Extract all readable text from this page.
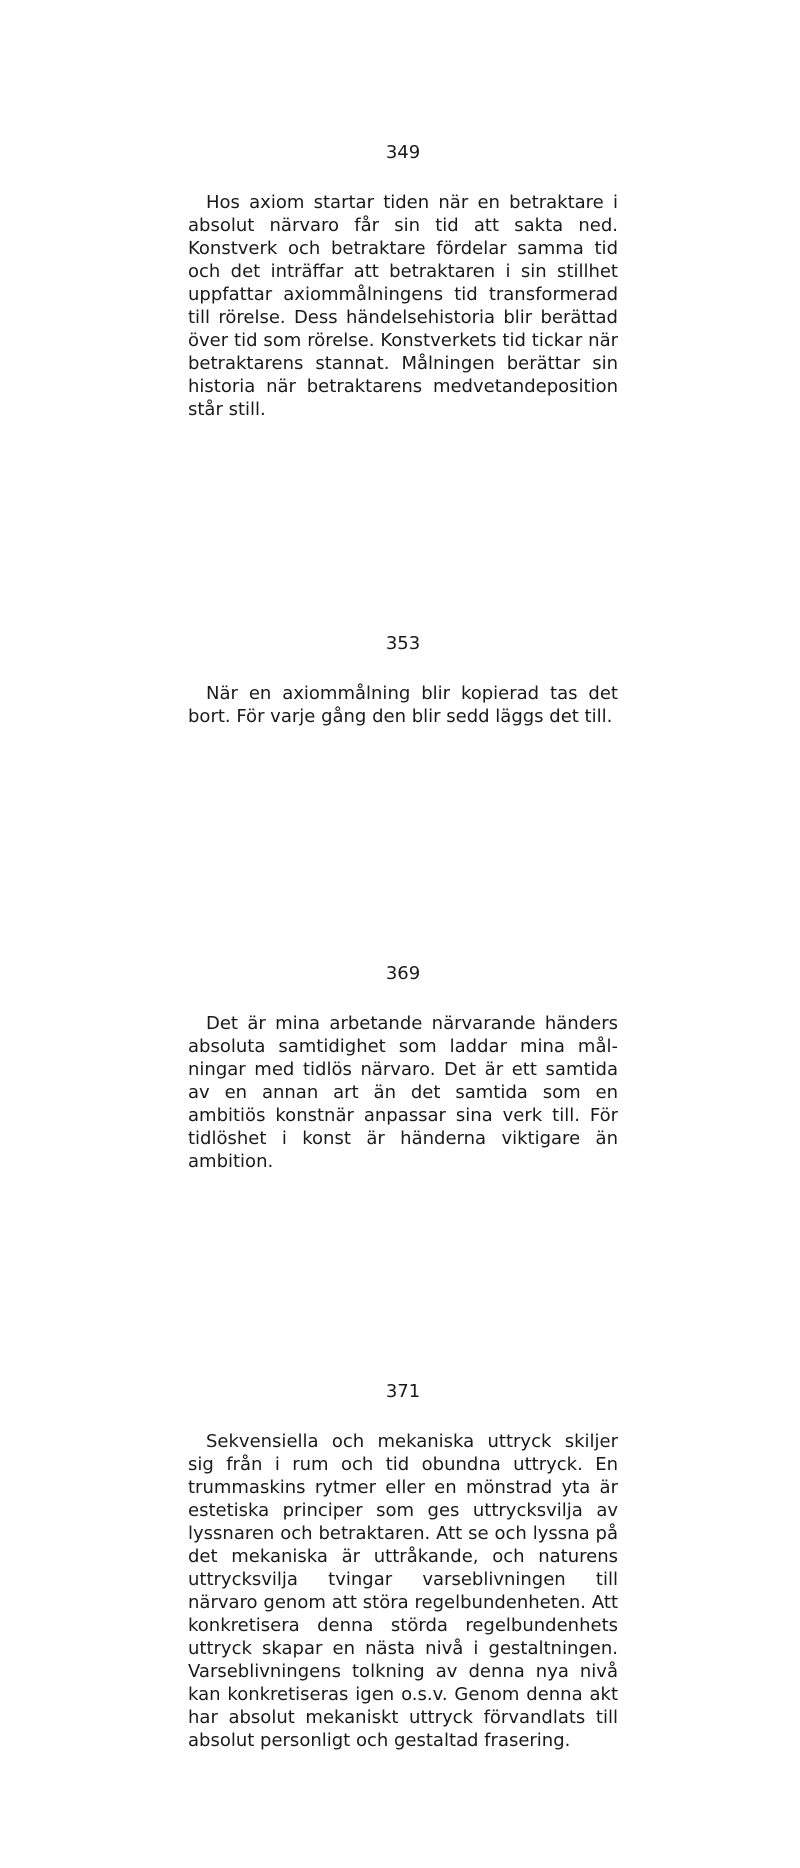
349

Hos axiom startar tiden när en betraktare i absolut närvaro får sin tid att sakta ned. Konstverk och betraktare fördelar samma tid och det inträffar att betraktaren i sin stillhet uppfattar axiommålningens tid transformerad till rörelse. Dess händelsehistoria blir berättad över tid som rörelse. Konstverkets tid tickar när betraktarens stannat. Målningen berättar sin historia när betraktarens medvetandeposition står still.

353

När en axiommålning blir kopierad tas det bort. För varje gång den blir sedd läggs det till.

369

Det är mina arbetande närvarande händers absoluta samtidighet som laddar mina målningar med tidlös närvaro. Det är ett samtida av en annan art än det samtida som en ambitiös konstnär anpassar sina verk till. För tidlöshet i konst är händerna viktigare än ambition.

371

Sekvensiella och mekaniska uttryck skiljer sig från i rum och tid obundna uttryck. En trummaskins rytmer eller en mönstrad yta är estetiska principer som ges uttrycksvilja av lyssnaren och betraktaren. Att se och lyssna på det mekaniska är uttråkande, och naturens uttrycksvilja tvingar varseblivningen till närvaro genom att störa regelbundenheten. Att konkretisera denna störda regelbundenhets uttryck skapar en nästa nivå i gestaltningen. Varseblivningens tolkning av denna nya nivå kan konkretiseras igen o.s.v. Genom denna akt har absolut mekaniskt uttryck förvandlats till absolut personligt och gestaltad frasering.
